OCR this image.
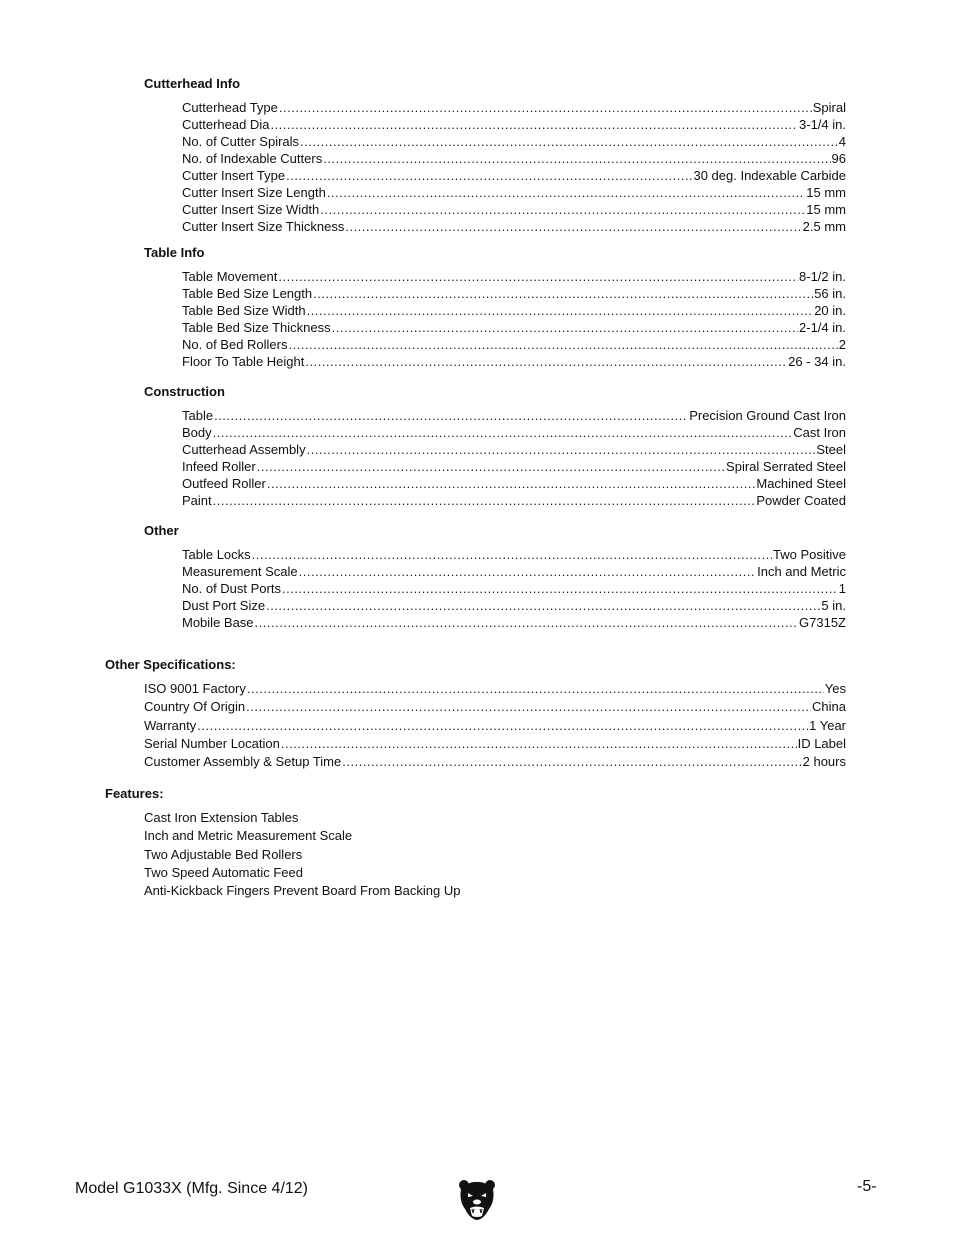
Cutterhead Info
Cutterhead Type .....	Spiral
Cutterhead Dia .....	3-1/4 in.
No. of Cutter Spirals .....	4
No. of Indexable Cutters .....	96
Cutter Insert Type .....	30 deg. Indexable Carbide
Cutter Insert Size Length .....	15 mm
Cutter Insert Size Width .....	15 mm
Cutter Insert Size Thickness .....	2.5 mm
Table Info
Table Movement .....	8-1/2 in.
Table Bed Size Length .....	56 in.
Table Bed Size Width .....	20 in.
Table Bed Size Thickness .....	2-1/4 in.
No. of Bed Rollers .....	2
Floor To Table Height .....	26 - 34 in.
Construction
Table .....	Precision Ground Cast Iron
Body .....	Cast Iron
Cutterhead Assembly .....	Steel
Infeed Roller .....	Spiral Serrated Steel
Outfeed Roller .....	Machined Steel
Paint .....	Powder Coated
Other
Table Locks .....	Two Positive
Measurement Scale .....	Inch and Metric
No. of Dust Ports .....	1
Dust Port Size .....	5 in.
Mobile Base .....	G7315Z
Other Specifications:
ISO 9001 Factory .....	Yes
Country Of Origin .....	China
Warranty .....	1 Year
Serial Number Location .....	ID Label
Customer Assembly & Setup Time .....	2 hours
Features:
Cast Iron Extension Tables
Inch and Metric Measurement Scale
Two Adjustable Bed Rollers
Two Speed Automatic Feed
Anti-Kickback Fingers Prevent Board From Backing Up
Model G1033X (Mfg. Since 4/12)	-5-
